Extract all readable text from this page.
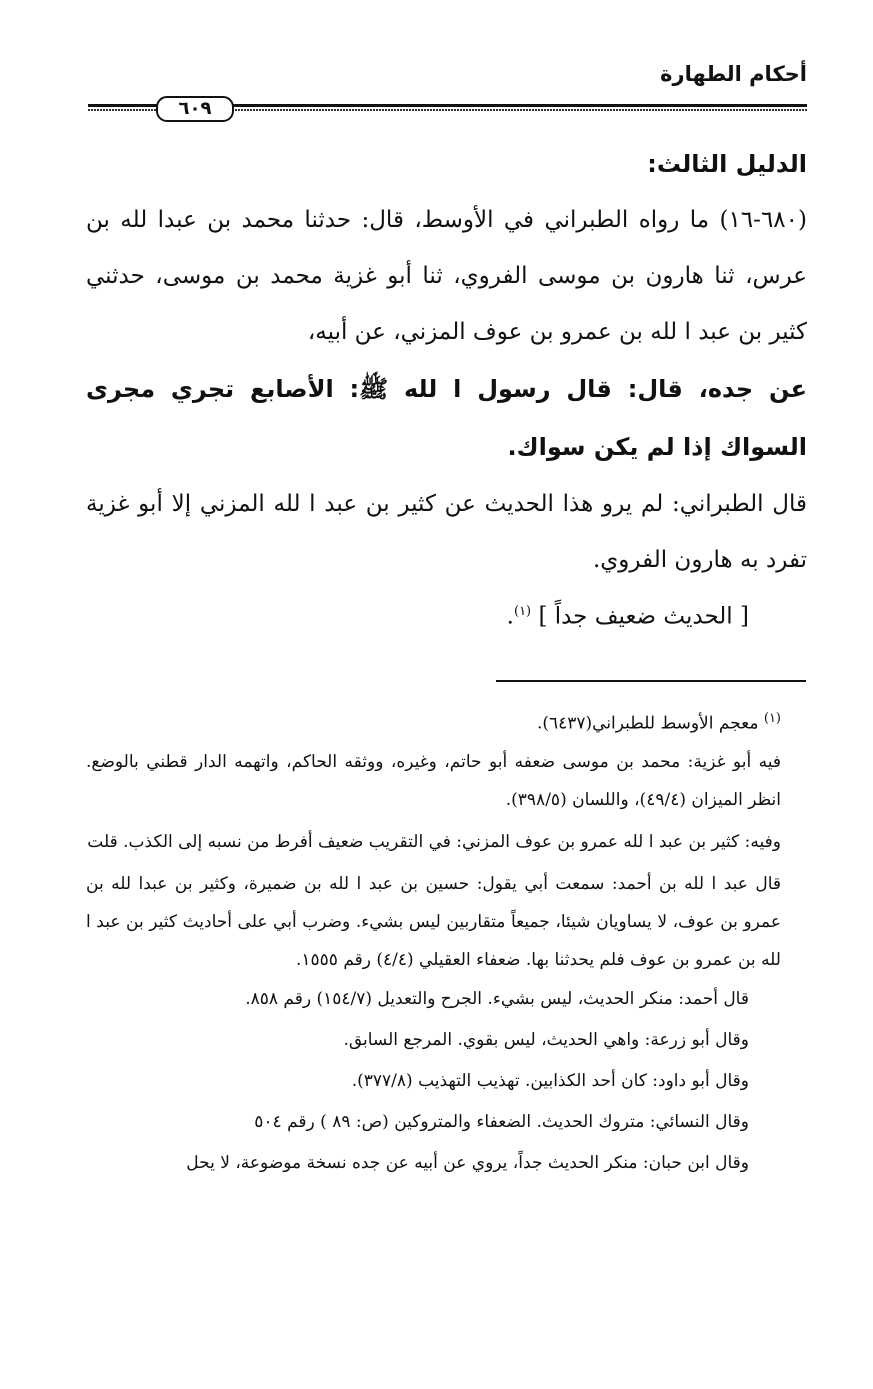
أحكام الطهارة
٦٠٩

الدليل الثالث:

(٦٨٠-١٦) ما رواه الطبراني في الأوسط، قال: حدثنا محمد بن عبدا لله بن عرس، ثنا هارون بن موسى الفروي، ثنا أبو غزية محمد بن موسى، حدثني كثير بن عبد ا لله بن عمرو بن عوف المزني، عن أبيه،

عن جده، قال: قال رسول ا لله ﷺ: الأصابع تجري مجرى السواك إذا لم يكن سواك.

قال الطبراني: لم يرو هذا الحديث عن كثير بن عبد ا لله المزني إلا أبو غزية تفرد به هارون الفروي.

[ الحديث ضعيف جداً ] $^{(١)}$.

$^{(١)}$ معجم الأوسط للطبراني(٦٤٣٧).

فيه أبو غزية: محمد بن موسى ضعفه أبو حاتم، وغيره، ووثقه الحاكم، واتهمه الدار قطني بالوضع. انظر الميزان (٤٩/٤)، واللسان (٣٩٨/٥).

وفيه: كثير بن عبد ا لله عمرو بن عوف المزني: في التقريب ضعيف أفرط من نسبه إلى الكذب. قلت

قال عبد ا لله بن أحمد: سمعت أبي يقول: حسين بن عبد ا لله بن ضميرة، وكثير بن عبدا لله بن عمرو بن عوف، لا يساويان شيئا، جميعاً متقاربين ليس بشيء. وضرب أبي على أحاديث كثير بن عبد ا لله بن عمرو بن عوف فلم يحدثنا بها. ضعفاء العقيلي (٤/٤) رقم ١٥٥٥.

قال أحمد: منكر الحديث، ليس بشيء. الجرح والتعديل (١٥٤/٧) رقم ٨٥٨.

وقال أبو زرعة: واهي الحديث، ليس بقوي. المرجع السابق.

وقال أبو داود: كان أحد الكذابين. تهذيب التهذيب (٣٧٧/٨).

وقال النسائي: متروك الحديث. الضعفاء والمتروكين (ص: ٨٩ ) رقم ٥٠٤

وقال ابن حبان: منكر الحديث جداً، يروي عن أبيه عن جده نسخة موضوعة، لا يحل
